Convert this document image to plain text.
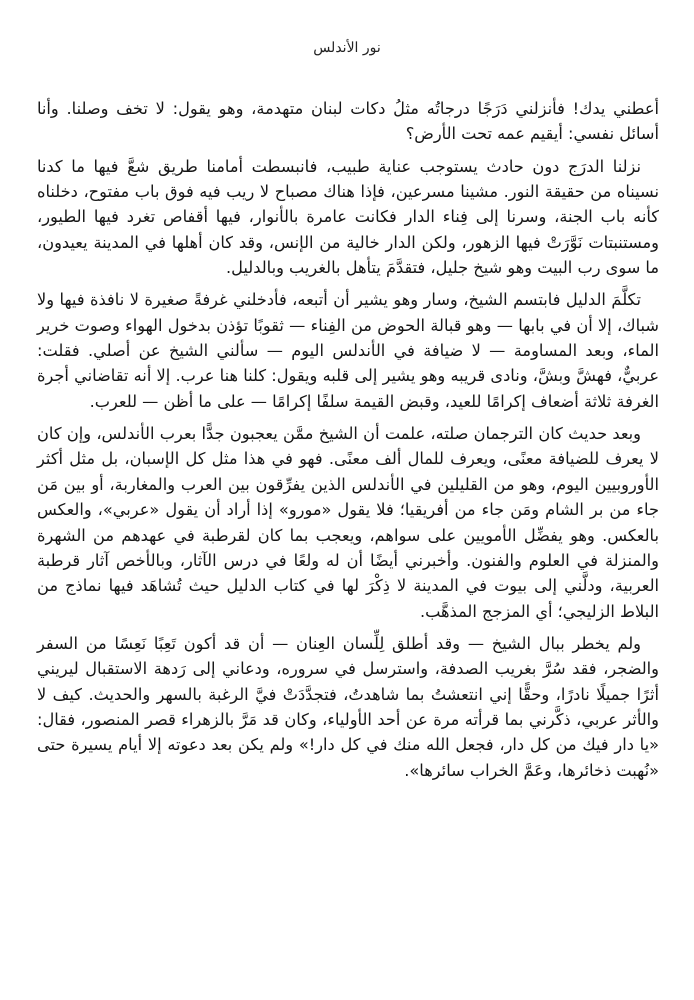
نور الأندلس

أعطني يدك! فأنزلني دَرَجًا درجاتُه مثلُ دكات لبنان متهدمة، وهو يقول: لا تخف وصلنا. وأنا أسائل نفسي: أيقيم عمه تحت الأرض؟

نزلنا الدرَج دون حادث يستوجب عناية طبيب، فانبسطت أمامنا طريق شعَّ فيها ما كدنا نسيناه من حقيقة النور. مشينا مسرعين، فإذا هناك مصباح لا ريب فيه فوق باب مفتوح، دخلناه كأنه باب الجنة، وسرنا إلى فِناء الدار فكانت عامرة بالأنوار، فيها أقفاص تغرد فيها الطيور، ومستنبتات نَوَّرَتْ فيها الزهور، ولكن الدار خالية من الإنس، وقد كان أهلها في المدينة يعيدون، ما سوى رب البيت وهو شيخ جليل، فتقدَّمَ يتأهل بالغريب وبالدليل.

تكلَّمَ الدليل فابتسم الشيخ، وسار وهو يشير أن أتبعه، فأدخلني غرفةً صغيرة لا نافذة فيها ولا شباك، إلا أن في بابها — وهو قبالة الحوض من الفِناء — ثقوبًا تؤذن بدخول الهواء وصوت خرير الماء، وبعد المساومة — لا ضيافة في الأندلس اليوم — سألني الشيخ عن أصلي. فقلت: عربيٌّ، فهشَّ وبشَّ، ونادى قريبه وهو يشير إلى قلبه ويقول: كلنا هنا عرب. إلا أنه تقاضاني أجرة الغرفة ثلاثة أضعاف إكرامًا للعيد، وقبض القيمة سلفًا إكرامًا — على ما أظن — للعرب.

وبعد حديث كان الترجمان صلته، علمت أن الشيخ ممَّن يعجبون جدًّا بعرب الأندلس، وإن كان لا يعرف للضيافة معنًى، ويعرف للمال ألف معنًى. فهو في هذا مثل كل الإسبان، بل مثل أكثر الأوروبيين اليوم، وهو من القليلين في الأندلس الذين يفرِّقون بين العرب والمغاربة، أو بين مَن جاء من بر الشام ومَن جاء من أفريقيا؛ فلا يقول «مورو» إذا أراد أن يقول «عربي»، والعكس بالعكس. وهو يفضِّل الأمويين على سواهم، ويعجب بما كان لقرطبة في عهدهم من الشهرة والمنزلة في العلوم والفنون. وأخبرني أيضًا أن له ولعًا في درس الآثار، وبالأخص آثار قرطبة العربية، ودلَّني إلى بيوت في المدينة لا ذِكْرَ لها في كتاب الدليل حيث تُشاهَد فيها نماذج من البلاط الزليجي؛ أي المزجج المذهَّب.

ولم يخطر ببال الشيخ — وقد أطلق لِلِّسان العِنان — أن قد أكون تَعِبًا نَعِسًا من السفر والضجر، فقد سُرَّ بغريب الصدفة، واسترسل في سروره، ودعاني إلى رَدهة الاستقبال ليريني أثرًا جميلًا نادرًا، وحقًّا إني انتعشتُ بما شاهدتُ، فتجدَّدَتْ فيَّ الرغبة بالسهر والحديث. كيف لا والأثر عربي، ذكَّرني بما قرأته مرة عن أحد الأولياء، وكان قد مَرَّ بالزهراء قصر المنصور، فقال: «يا دار فيك من كل دار، فجعل الله منك في كل دار!» ولم يكن بعد دعوته إلا أيام يسيرة حتى «نُهبت ذخائرها، وعَمَّ الخراب سائرها».
